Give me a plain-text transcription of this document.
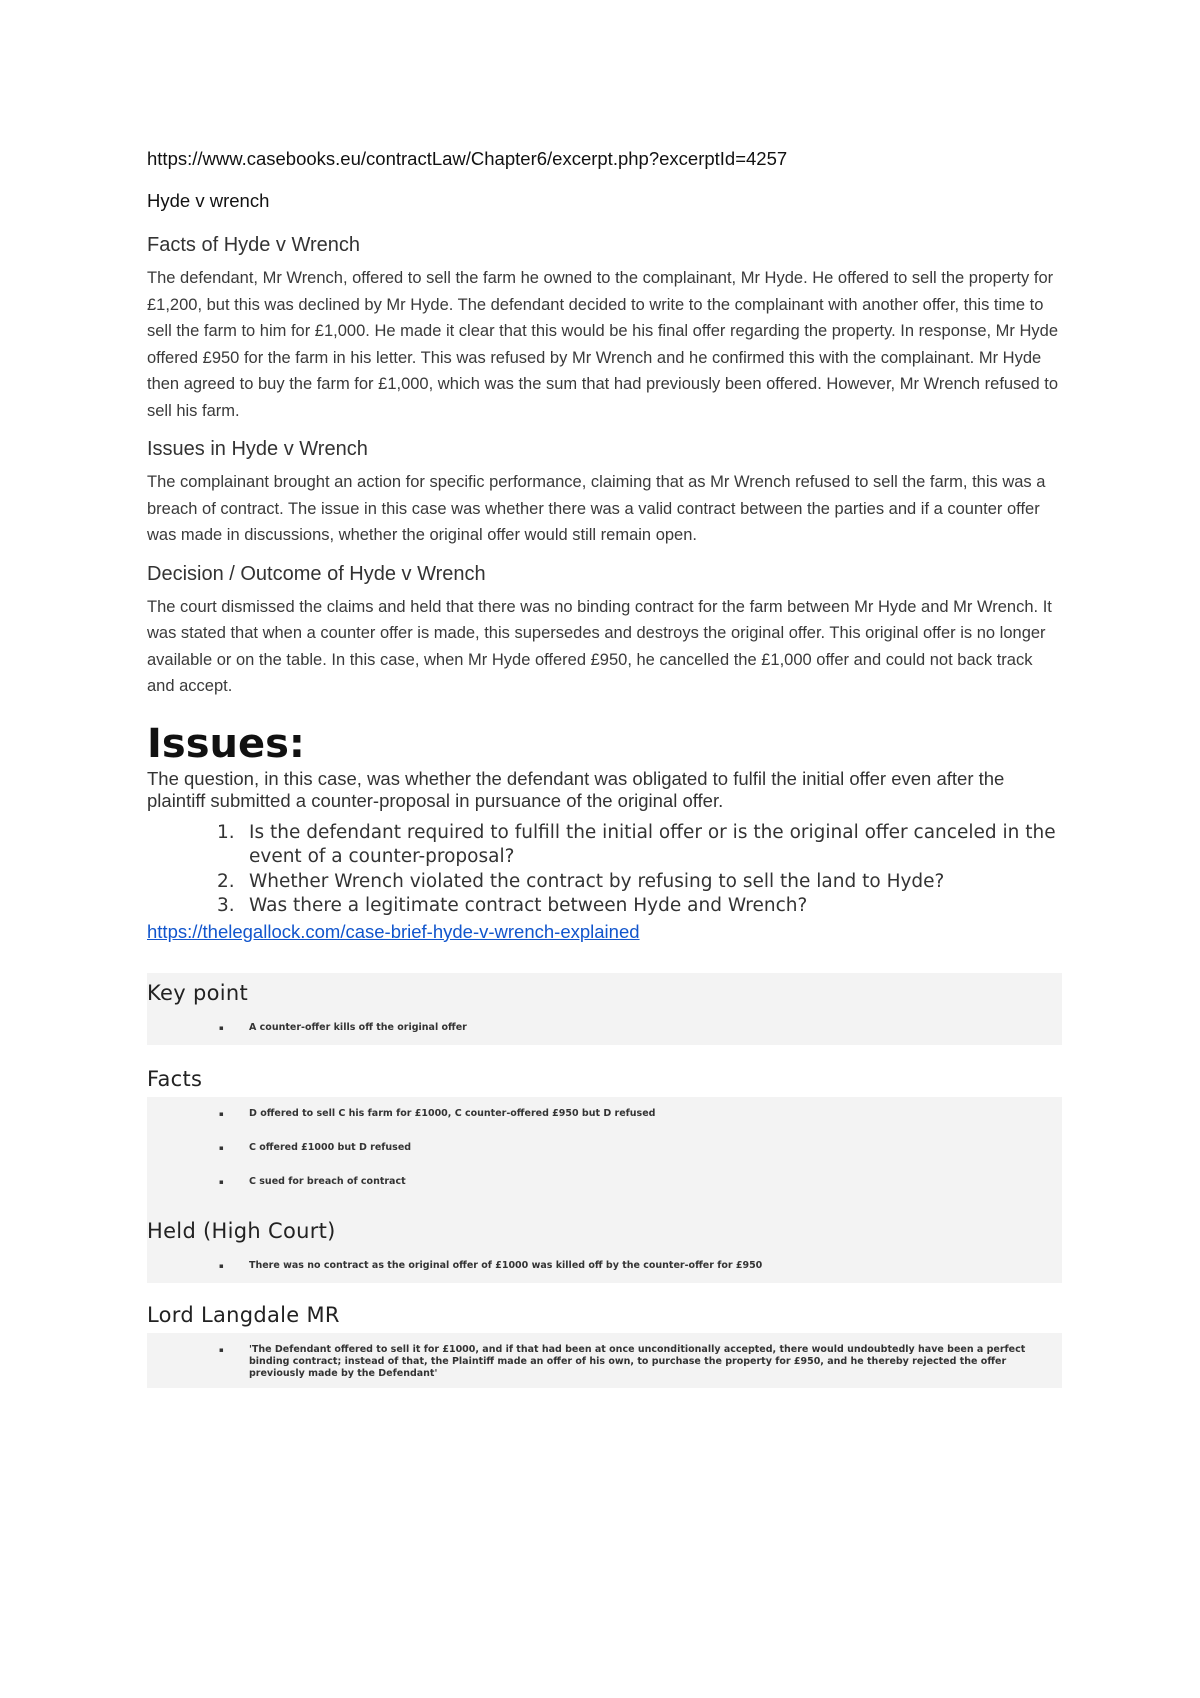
https://www.casebooks.eu/contractLaw/Chapter6/excerpt.php?excerptId=4257
Hyde v wrench
Facts of Hyde v Wrench

The defendant, Mr Wrench, offered to sell the farm he owned to the complainant, Mr Hyde. He offered to sell the property for £1,200, but this was declined by Mr Hyde. The defendant decided to write to the complainant with another offer, this time to sell the farm to him for £1,000. He made it clear that this would be his final offer regarding the property. In response, Mr Hyde offered £950 for the farm in his letter. This was refused by Mr Wrench and he confirmed this with the complainant. Mr Hyde then agreed to buy the farm for £1,000, which was the sum that had previously been offered. However, Mr Wrench refused to sell his farm.

Issues in Hyde v Wrench

The complainant brought an action for specific performance, claiming that as Mr Wrench refused to sell the farm, this was a breach of contract. The issue in this case was whether there was a valid contract between the parties and if a counter offer was made in discussions, whether the original offer would still remain open.

Decision / Outcome of Hyde v Wrench

The court dismissed the claims and held that there was no binding contract for the farm between Mr Hyde and Mr Wrench. It was stated that when a counter offer is made, this supersedes and destroys the original offer. This original offer is no longer available or on the table. In this case, when Mr Hyde offered £950, he cancelled the £1,000 offer and could not back track and accept.

Issues:
The question, in this case, was whether the defendant was obligated to fulfil the initial offer even after the plaintiff submitted a counter-proposal in pursuance of the original offer.
1. Is the defendant required to fulfill the initial offer or is the original offer canceled in the event of a counter-proposal?
2. Whether Wrench violated the contract by refusing to sell the land to Hyde?
3. Was there a legitimate contract between Hyde and Wrench?
https://thelegallock.com/case-brief-hyde-v-wrench-explained
Key point
▪	A counter-offer kills off the original offer
Facts
▪	D offered to sell C his farm for £1000, C counter-offered £950 but D refused
▪	C offered £1000 but D refused
▪	C sued for breach of contract
Held (High Court)
▪	There was no contract as the original offer of £1000 was killed off by the counter-offer for £950
Lord Langdale MR
▪	'The Defendant offered to sell it for £1000, and if that had been at once unconditionally accepted, there would undoubtedly have been a perfect binding contract; instead of that, the Plaintiff made an offer of his own, to purchase the property for £950, and he thereby rejected the offer previously made by the Defendant'
